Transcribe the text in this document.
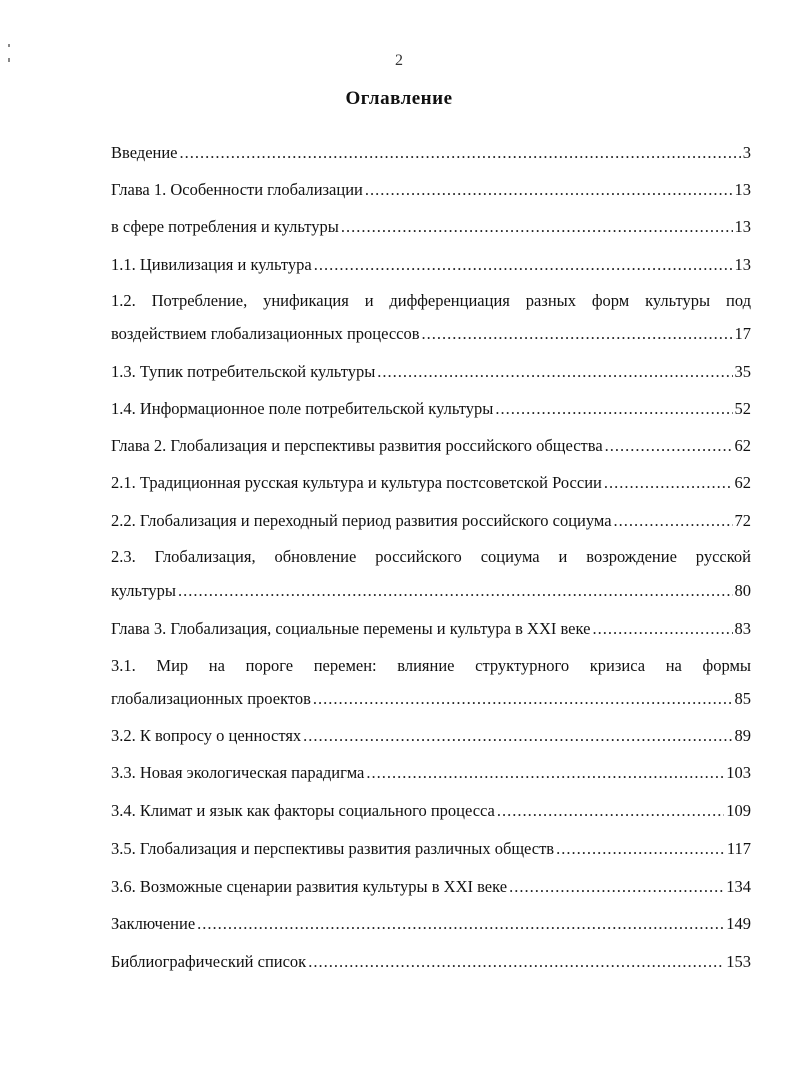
2
Оглавление
Введение .....	3
Глава 1. Особенности глобализации .....	13
в сфере потребления и культуры .....	13
1.1. Цивилизация и культура .....	13
1.2. Потребление, унификация и дифференциация разных форм культуры под
воздействием глобализационных процессов .....	17
1.3. Тупик потребительской культуры .....	35
1.4. Информационное поле потребительской культуры .....	52
Глава 2. Глобализация и перспективы развития российского общества .....	62
2.1. Традиционная русская культура и культура постсоветской России .....	62
2.2. Глобализация и переходный период развития российского социума .....	72
2.3. Глобализация, обновление российского социума и возрождение русской
культуры .....	80
Глава 3. Глобализация, социальные перемены и культура в XXI веке .....	83
3.1. Мир на пороге перемен: влияние структурного кризиса на формы
глобализационных проектов .....	85
3.2. К вопросу о ценностях .....	89
3.3. Новая экологическая парадигма .....	103
3.4. Климат и язык как факторы социального процесса .....	109
3.5. Глобализация и перспективы развития различных обществ .....	117
3.6. Возможные сценарии развития культуры в XXI веке .....	134
Заключение .....	149
Библиографический список .....	153
